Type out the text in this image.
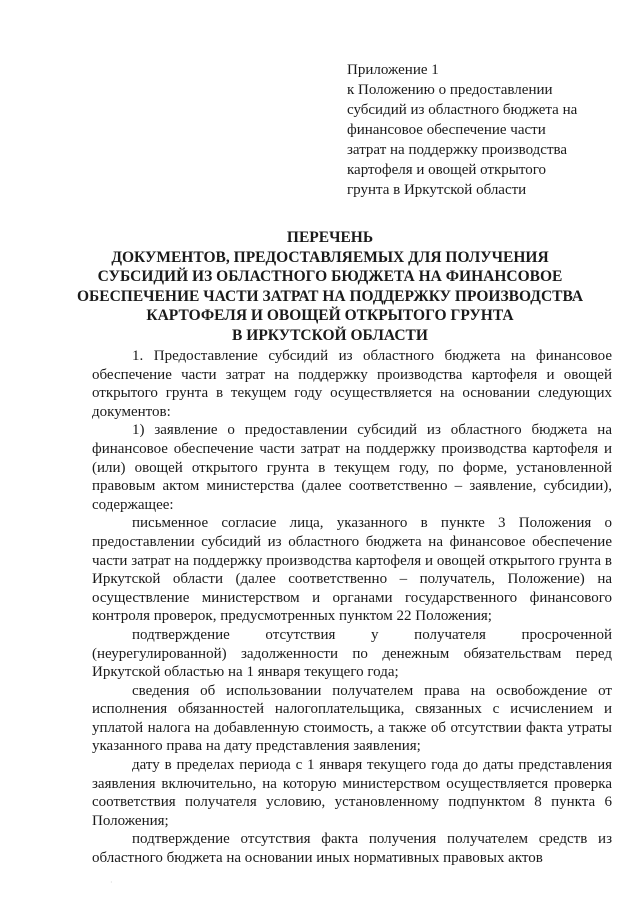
Приложение 1
к Положению о предоставлении
субсидий из областного бюджета на
финансовое обеспечение части
затрат на поддержку производства
картофеля и овощей открытого
грунта в Иркутской области
ПЕРЕЧЕНЬ
ДОКУМЕНТОВ, ПРЕДОСТАВЛЯЕМЫХ ДЛЯ ПОЛУЧЕНИЯ
СУБСИДИЙ ИЗ ОБЛАСТНОГО БЮДЖЕТА НА ФИНАНСОВОЕ
ОБЕСПЕЧЕНИЕ ЧАСТИ ЗАТРАТ НА ПОДДЕРЖКУ ПРОИЗВОДСТВА
КАРТОФЕЛЯ И ОВОЩЕЙ ОТКРЫТОГО ГРУНТА
В ИРКУТСКОЙ ОБЛАСТИ

1. Предоставление субсидий из областного бюджета на финансовое обеспечение части затрат на поддержку производства картофеля и овощей открытого грунта в текущем году осуществляется на основании следующих документов:

1) заявление о предоставлении субсидий из областного бюджета на финансовое обеспечение части затрат на поддержку производства картофеля и (или) овощей открытого грунта в текущем году, по форме, установленной правовым актом министерства (далее соответственно – заявление, субсидии), содержащее:

письменное согласие лица, указанного в пункте 3 Положения о предоставлении субсидий из областного бюджета на финансовое обеспечение части затрат на поддержку производства картофеля и овощей открытого грунта в Иркутской области (далее соответственно – получатель, Положение) на осуществление министерством и органами государственного финансового контроля проверок, предусмотренных пунктом 22 Положения;

подтверждение отсутствия у получателя просроченной (неурегулированной) задолженности по денежным обязательствам перед Иркутской областью на 1 января текущего года;

сведения об использовании получателем права на освобождение от исполнения обязанностей налогоплательщика, связанных с исчислением и уплатой налога на добавленную стоимость, а также об отсутствии факта утраты указанного права на дату представления заявления;

дату в пределах периода с 1 января текущего года до даты представления заявления включительно, на которую министерством осуществляется проверка соответствия получателя условию, установленному подпунктом 8 пункта 6 Положения;

подтверждение отсутствия факта получения получателем средств из областного бюджета на основании иных нормативных правовых актов

·
